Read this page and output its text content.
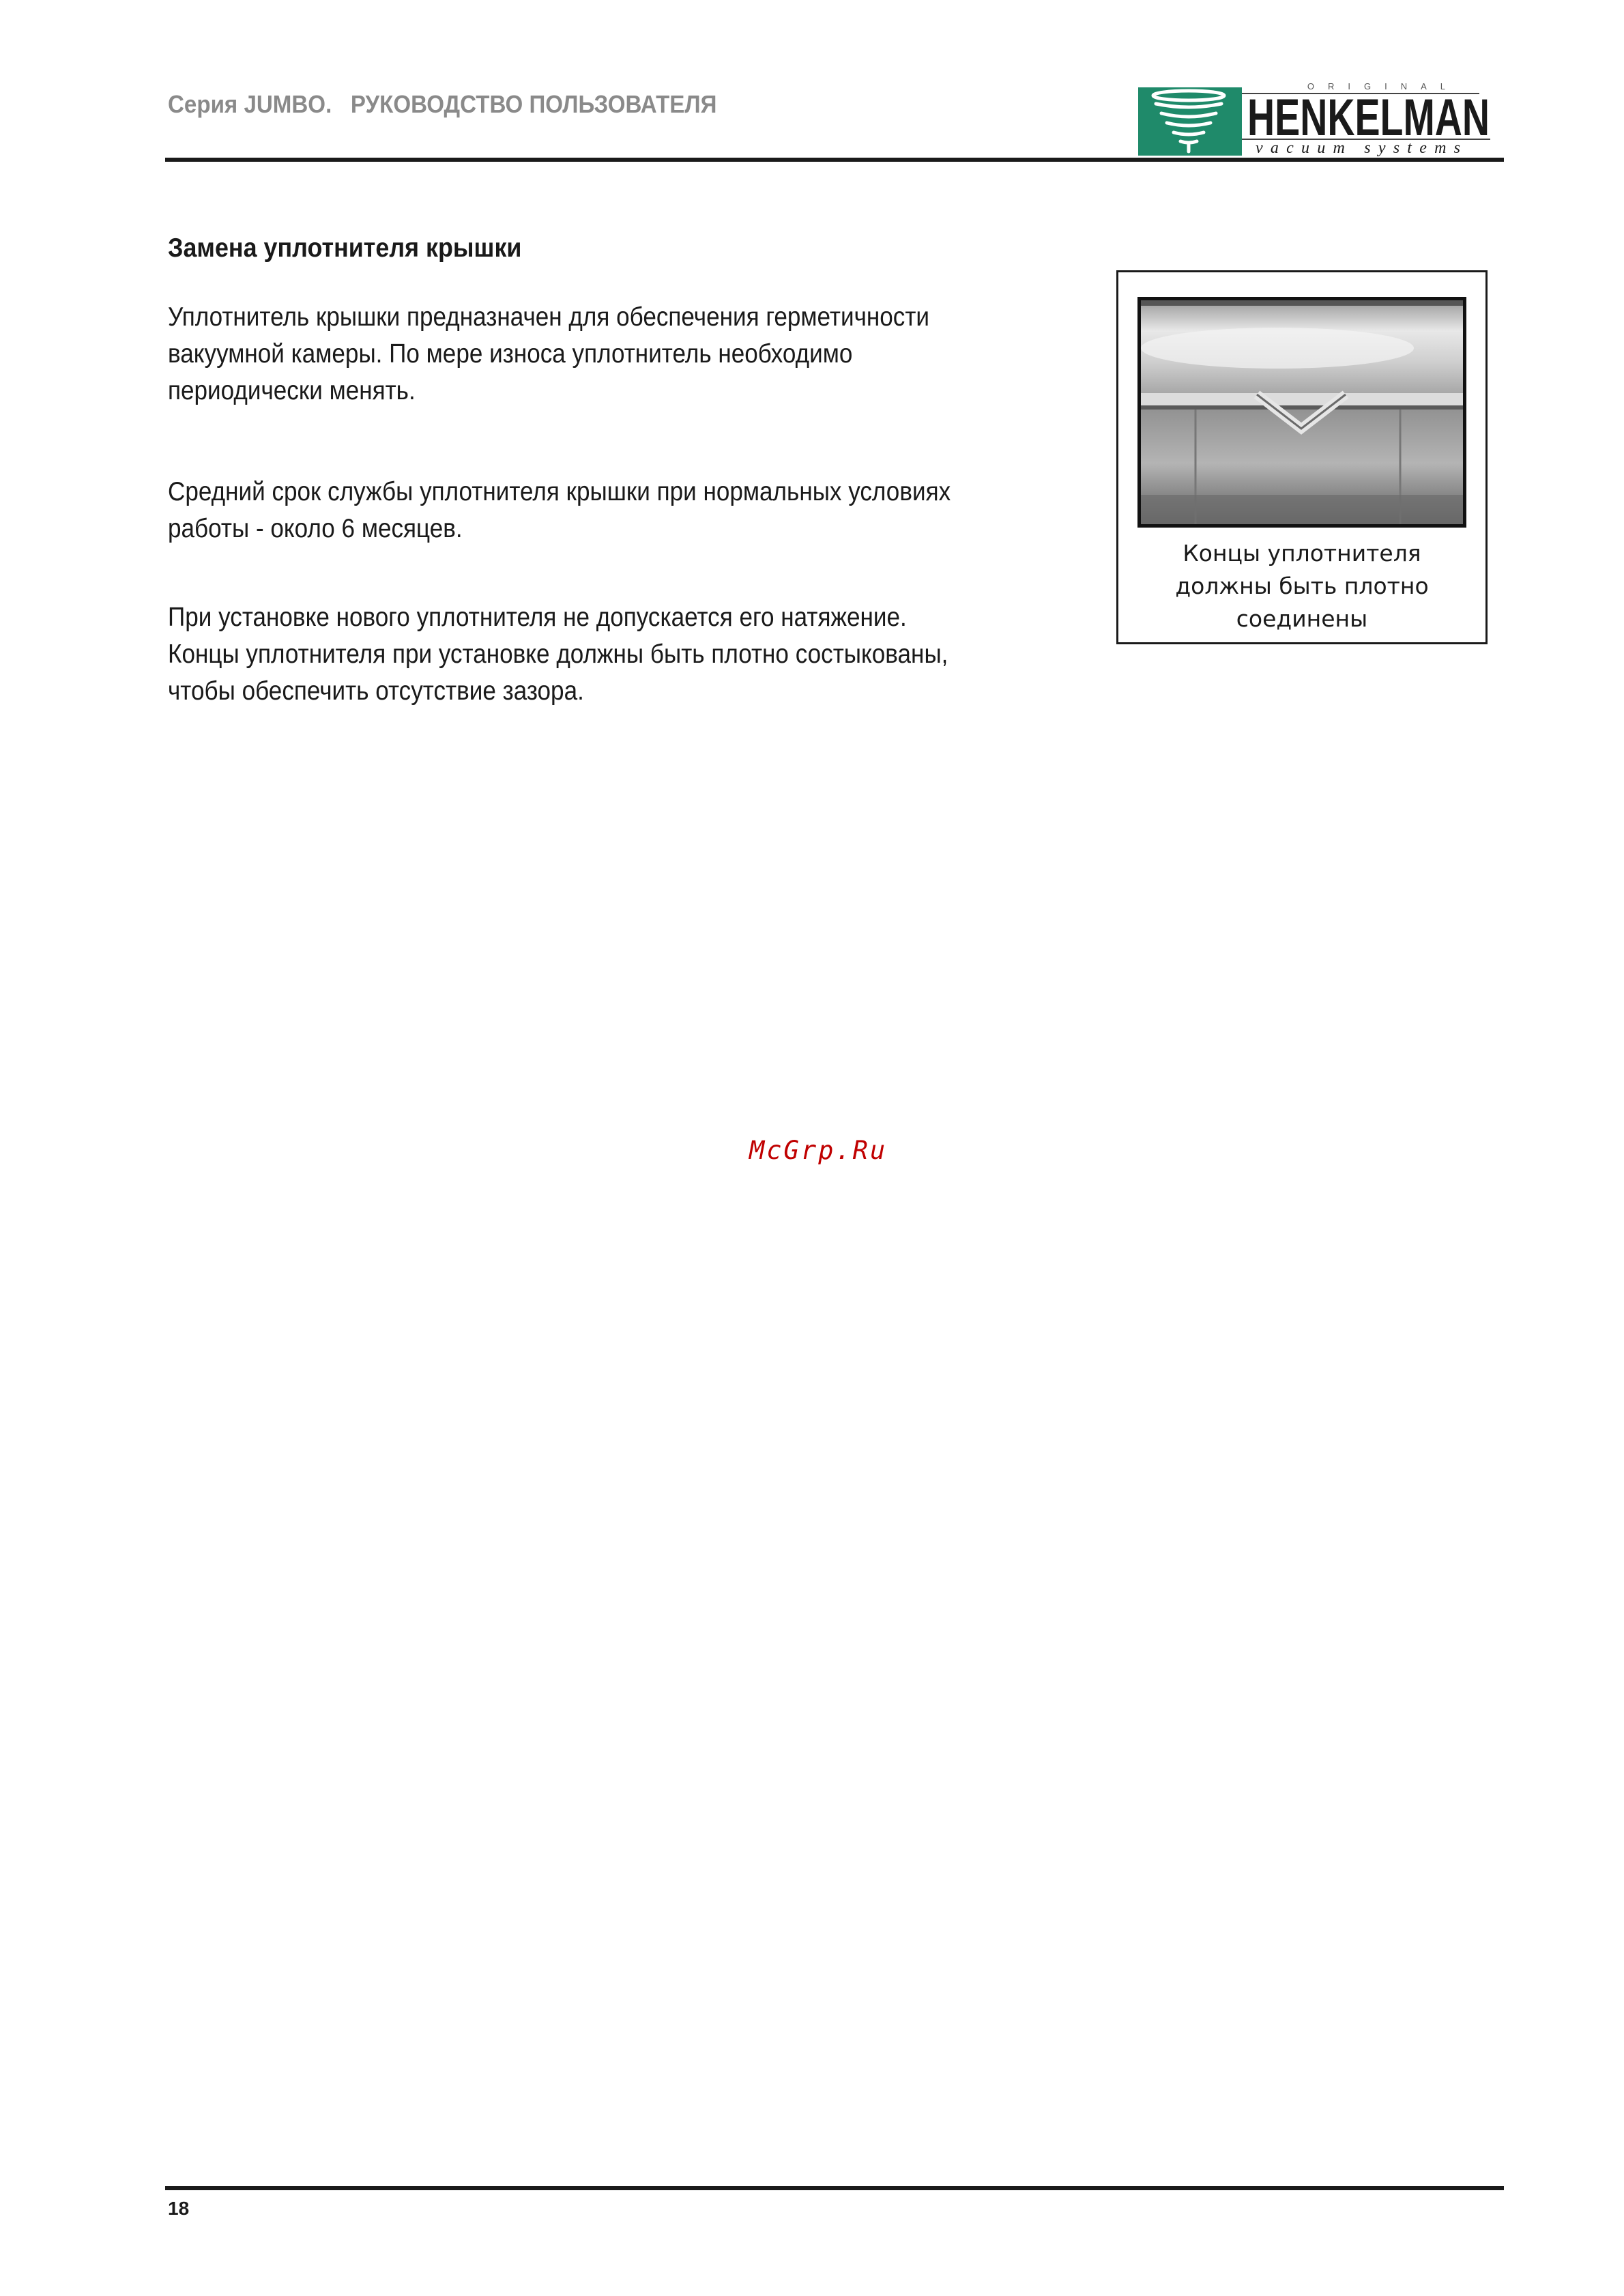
Серия JUMBO.   РУКОВОДСТВО ПОЛЬЗОВАТЕЛЯ
ORIGINAL
HENKELMAN
vacuum systems
Замена уплотнителя крышки
Уплотнитель крышки предназначен для обеспечения герметичности
вакуумной камеры. По мере износа уплотнитель необходимо
периодически менять.
Средний срок службы уплотнителя крышки при нормальных условиях
работы - около 6 месяцев.
При установке нового уплотнителя не допускается его натяжение.
Концы уплотнителя при установке должны быть плотно состыкованы,
чтобы обеспечить отсутствие зазора.
Концы уплотнителя
должны быть плотно
соединены
McGrp.Ru
18
